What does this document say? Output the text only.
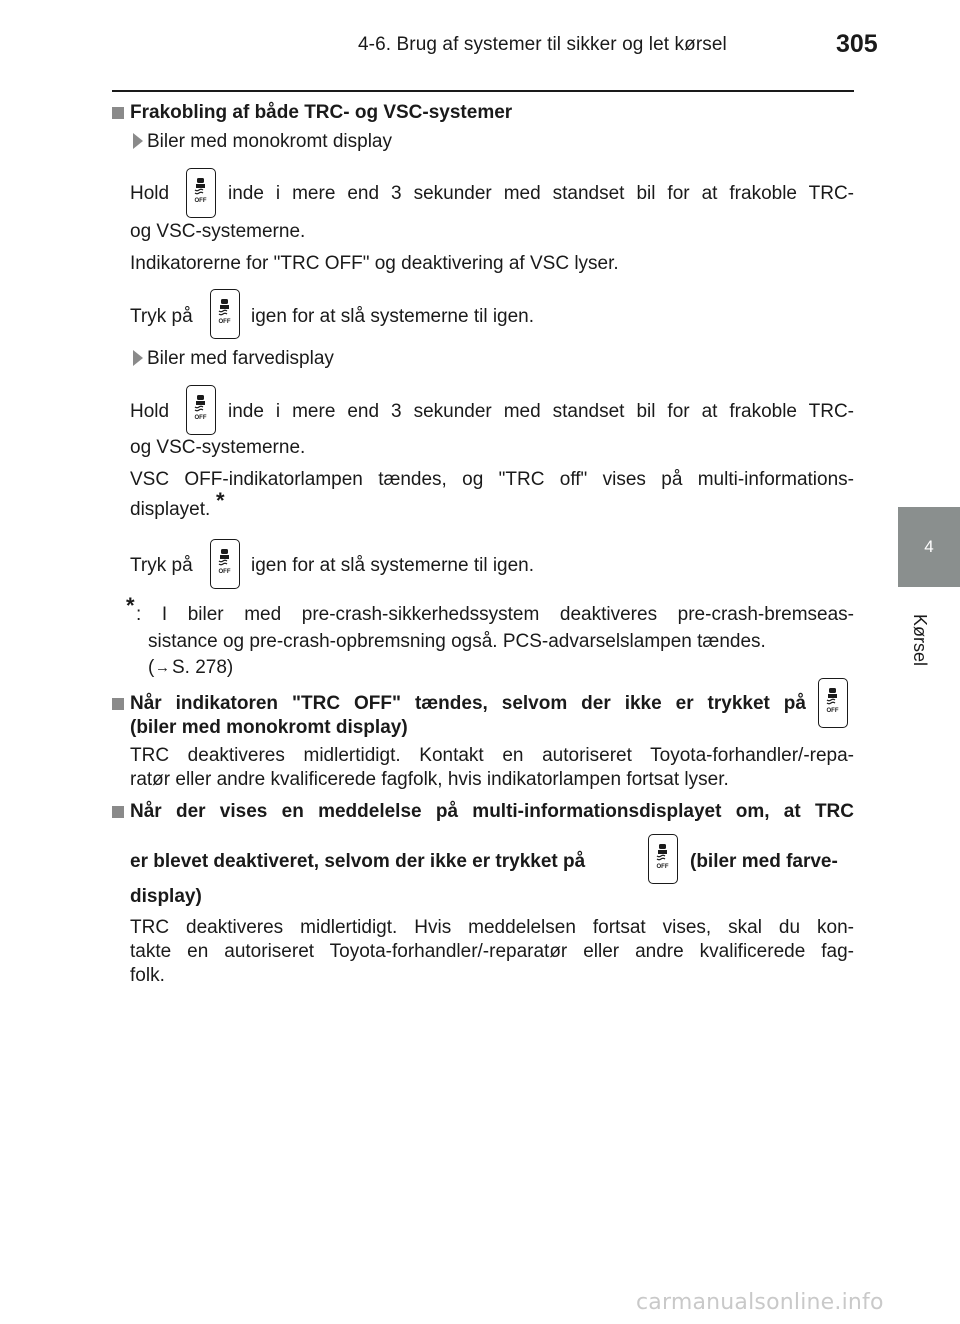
4-6. Brug af systemer til sikker og let kørsel	305
4
Kørsel
Frakobling af både TRC- og VSC-systemer
Biler med monokromt display
Hold	OFF inde i mere end 3 sekunder med standset bil for at frakoble TRC-
og VSC-systemerne.
Indikatorerne for "TRC OFF" og deaktivering af VSC lyser.
Tryk på	OFF igen for at slå systemerne til igen.
Biler med farvedisplay
Hold	OFF inde i mere end 3 sekunder med standset bil for at frakoble TRC-
og VSC-systemerne.
VSC OFF-indikatorlampen tændes, og "TRC off" vises på multi-informations-
displayet. *
Tryk på	OFF igen for at slå systemerne til igen.
* : I biler med pre-crash-sikkerhedssystem deaktiveres pre-crash-bremseas-
sistance og pre-crash-opbremsning også. PCS-advarselslampen tændes.
( → S. 278)
Når indikatoren "TRC OFF" tændes, selvom der ikke er trykket på	OFF
(biler med monokromt display)
TRC deaktiveres midlertidigt. Kontakt en autoriseret Toyota-forhandler/-repa-
ratør eller andre kvalificerede fagfolk, hvis indikatorlampen fortsat lyser.
Når der vises en meddelelse på multi-informationsdisplayet om, at TRC
er blevet deaktiveret, selvom der ikke er trykket på	OFF (biler med farve-
display)
TRC deaktiveres midlertidigt. Hvis meddelelsen fortsat vises, skal du kon-
takte en autoriseret Toyota-forhandler/-reparatør eller andre kvalificerede fag-
folk.
carmanualsonline.info
